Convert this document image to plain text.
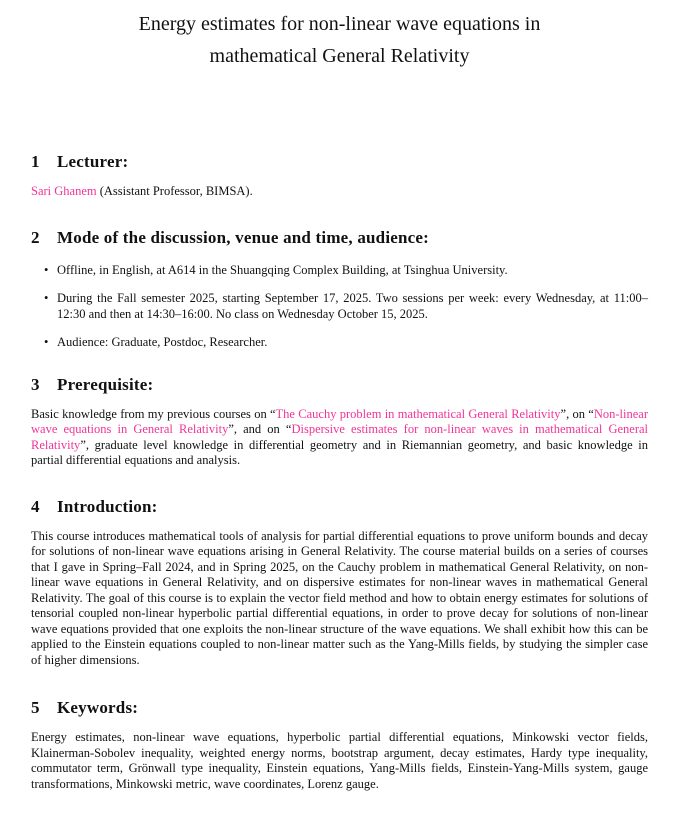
Energy estimates for non-linear wave equations in mathematical General Relativity
1	Lecturer:

Sari Ghanem (Assistant Professor, BIMSA).

2	Mode of the discussion, venue and time, audience:
• Offline, in English, at A614 in the Shuangqing Complex Building, at Tsinghua University.
• During the Fall semester 2025, starting September 17, 2025. Two sessions per week: every Wednesday, at 11:00–12:30 and then at 14:30–16:00. No class on Wednesday October 15, 2025.
• Audience: Graduate, Postdoc, Researcher.
3	Prerequisite:

Basic knowledge from my previous courses on “The Cauchy problem in mathematical General Relativity”, on “Non-linear wave equations in General Relativity”, and on “Dispersive estimates for non-linear waves in mathematical General Relativity”, graduate level knowledge in differential geometry and in Riemannian geometry, and basic knowledge in partial differential equations and analysis.

4	Introduction:

This course introduces mathematical tools of analysis for partial differential equations to prove uniform bounds and decay for solutions of non-linear wave equations arising in General Relativity. The course material builds on a series of courses that I gave in Spring–Fall 2024, and in Spring 2025, on the Cauchy problem in mathematical General Relativity, on non-linear wave equations in General Relativity, and on dispersive estimates for non-linear waves in mathematical General Relativity. The goal of this course is to explain the vector field method and how to obtain energy estimates for solutions of tensorial coupled non-linear hyperbolic partial differential equations, in order to prove decay for solutions of non-linear wave equations provided that one exploits the non-linear structure of the wave equations. We shall exhibit how this can be applied to the Einstein equations coupled to non-linear matter such as the Yang-Mills fields, by studying the simpler case of higher dimensions.

5	Keywords:

Energy estimates, non-linear wave equations, hyperbolic partial differential equations, Minkowski vector fields, Klainerman-Sobolev inequality, weighted energy norms, bootstrap argument, decay estimates, Hardy type inequality, commutator term, Grönwall type inequality, Einstein equations, Yang-Mills fields, Einstein-Yang-Mills system, gauge transformations, Minkowski metric, wave coordinates, Lorenz gauge.
